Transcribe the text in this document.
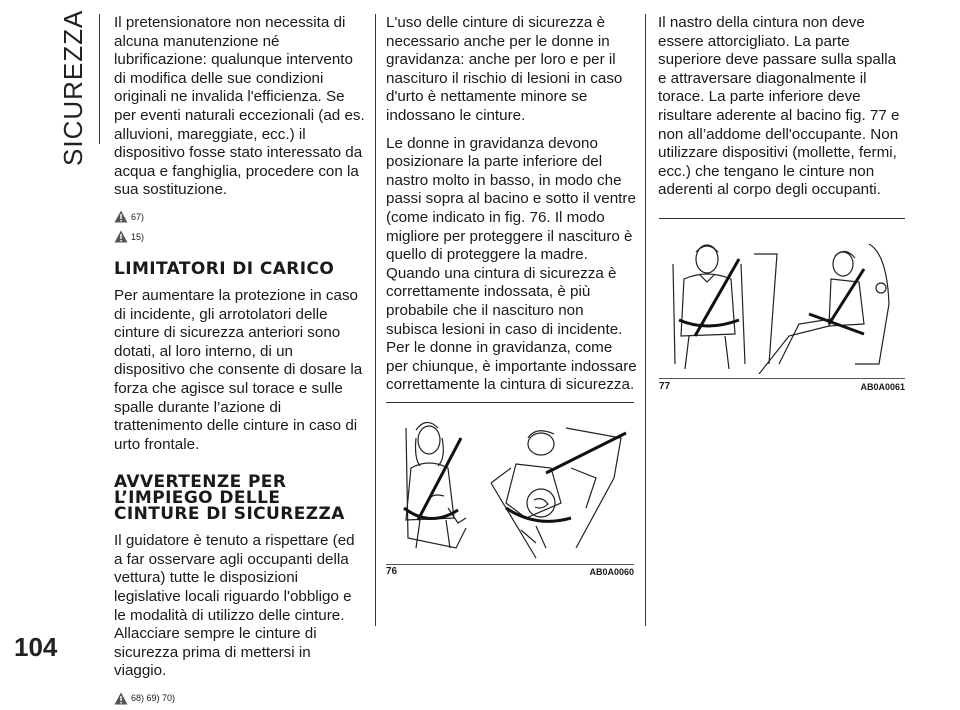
SICUREZZA
104

Il pretensionatore non necessita di alcuna manutenzione né lubrificazione: qualunque intervento di modifica delle sue condizioni originali ne invalida l'efficienza. Se per eventi naturali eccezionali (ad es. alluvioni, mareggiate, ecc.) il dispositivo fosse stato interessato da acqua e fanghiglia, procedere con la sua sostituzione.

67)
15)
LIMITATORI DI CARICO

Per aumentare la protezione in caso di incidente, gli arrotolatori delle cinture di sicurezza anteriori sono dotati, al loro interno, di un dispositivo che consente di dosare la forza che agisce sul torace e sulle spalle durante l’azione di trattenimento delle cinture in caso di urto frontale.

AVVERTENZE PER
L’IMPIEGO DELLE
CINTURE DI SICUREZZA

Il guidatore è tenuto a rispettare (ed a far osservare agli occupanti della vettura) tutte le disposizioni legislative locali riguardo l'obbligo e le modalità di utilizzo delle cinture. Allacciare sempre le cinture di sicurezza prima di mettersi in viaggio.

68) 69) 70)

L'uso delle cinture di sicurezza è necessario anche per le donne in gravidanza: anche per loro e per il nascituro il rischio di lesioni in caso d'urto è nettamente minore se indossano le cinture.

Le donne in gravidanza devono posizionare la parte inferiore del nastro molto in basso, in modo che passi sopra al bacino e sotto il ventre (come indicato in fig. 76. Il modo migliore per proteggere il nascituro è quello di proteggere la madre. Quando una cintura di sicurezza è correttamente indossata, è più probabile che il nascituro non subisca lesioni in caso di incidente. Per le donne in gravidanza, come per chiunque, è importante indossare correttamente la cintura di sicurezza.

76	AB0A0060

Il nastro della cintura non deve essere attorcigliato. La parte superiore deve passare sulla spalla e attraversare diagonalmente il torace. La parte inferiore deve risultare aderente al bacino fig. 77 e non all’addome dell'occupante. Non utilizzare dispositivi (mollette, fermi, ecc.) che tengano le cinture non aderenti al corpo degli occupanti.

77	AB0A0061
